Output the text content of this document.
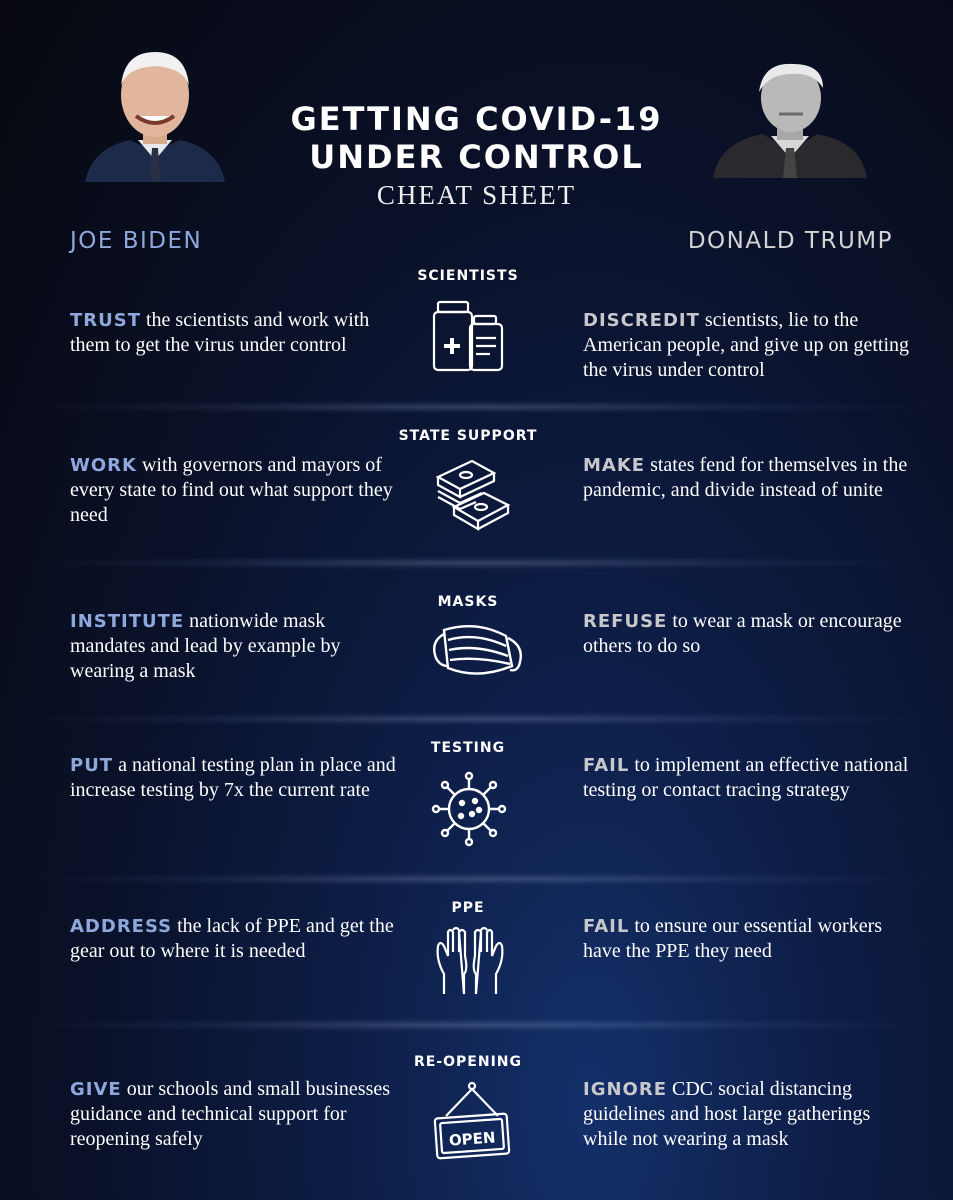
GETTING COVID-19
UNDER CONTROL
CHEAT SHEET
JOE BIDEN	DONALD TRUMP
SCIENTISTS
TRUST the scientists and work with them to get the virus under control
DISCREDIT scientists, lie to the American people, and give up on getting the virus under control
STATE SUPPORT
WORK with governors and mayors of every state to find out what support they need
MAKE states fend for themselves in the pandemic, and divide instead of unite
MASKS
INSTITUTE nationwide mask mandates and lead by example by wearing a mask
REFUSE to wear a mask or encourage others to do so
TESTING
PUT a national testing plan in place and increase testing by 7x the current rate
FAIL to implement an effective national testing or contact tracing strategy
PPE
ADDRESS the lack of PPE and get the gear out to where it is needed
FAIL to ensure our essential workers have the PPE they need
RE-OPENING
GIVE our schools and small businesses guidance and technical support for reopening safely
IGNORE CDC social distancing guidelines and host large gatherings while not wearing a mask
OPEN
